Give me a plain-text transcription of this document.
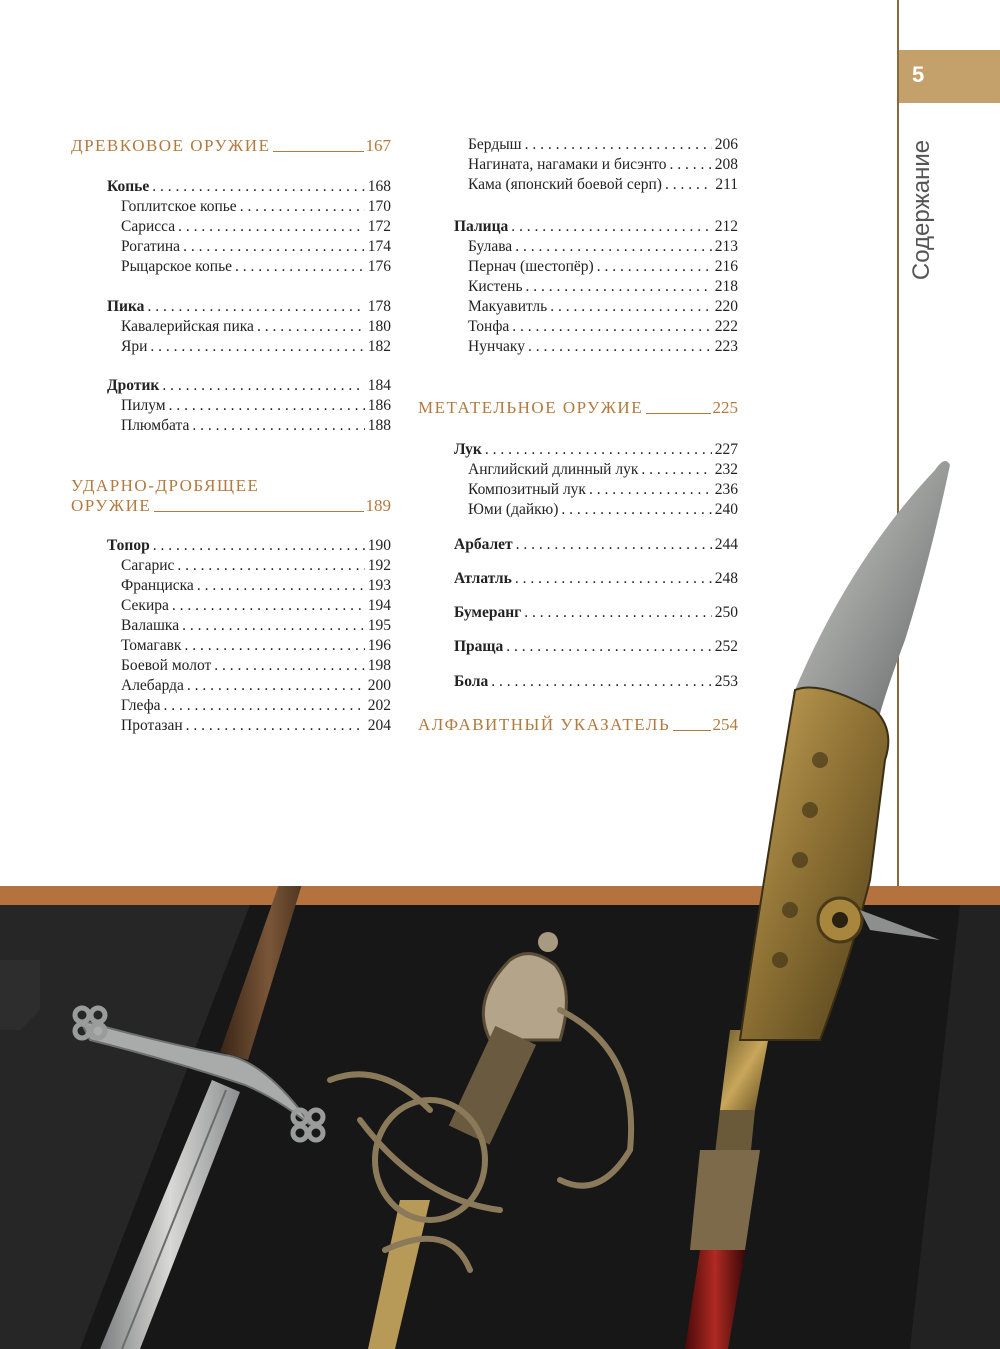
5
Содержание
ДРЕВКОВОЕ ОРУЖИЕ	167
Копье . . .	168
Гоплитское копье . . .	170
Сарисса . . .	172
Рогатина . . .	174
Рыцарское копье . . .	176
Пика . . .	178
Кавалерийская пика . . .	180
Яри . . .	182
Дротик . . .	184
Пилум . . .	186
Плюмбата . . .	188
УДАРНО-ДРОБЯЩЕЕ
ОРУЖИЕ	189
Топор . . .	190
Сагарис . . .	192
Франциска . . .	193
Секира . . .	194
Валашка . . .	195
Томагавк . . .	196
Боевой молот . . .	198
Алебарда . . .	200
Глефа . . .	202
Протазан . . .	204
Бердыш . . .	206
Нагината, нагамаки и бисэнто . . .	208
Кама (японский боевой серп) . . .	211
Палица . . .	212
Булава . . .	213
Пернач (шестопёр) . . .	216
Кистень . . .	218
Макуавитль . . .	220
Тонфа . . .	222
Нунчаку . . .	223
МЕТАТЕЛЬНОЕ ОРУЖИЕ	225
Лук . . .	227
Английский длинный лук . . .	232
Композитный лук . . .	236
Юми (дайкю) . . .	240
Арбалет . . .	244
Атлатль . . .	248
Бумеранг . . .	250
Праща . . .	252
Бола . . .	253
АЛФАВИТНЫЙ УКАЗАТЕЛЬ 254
